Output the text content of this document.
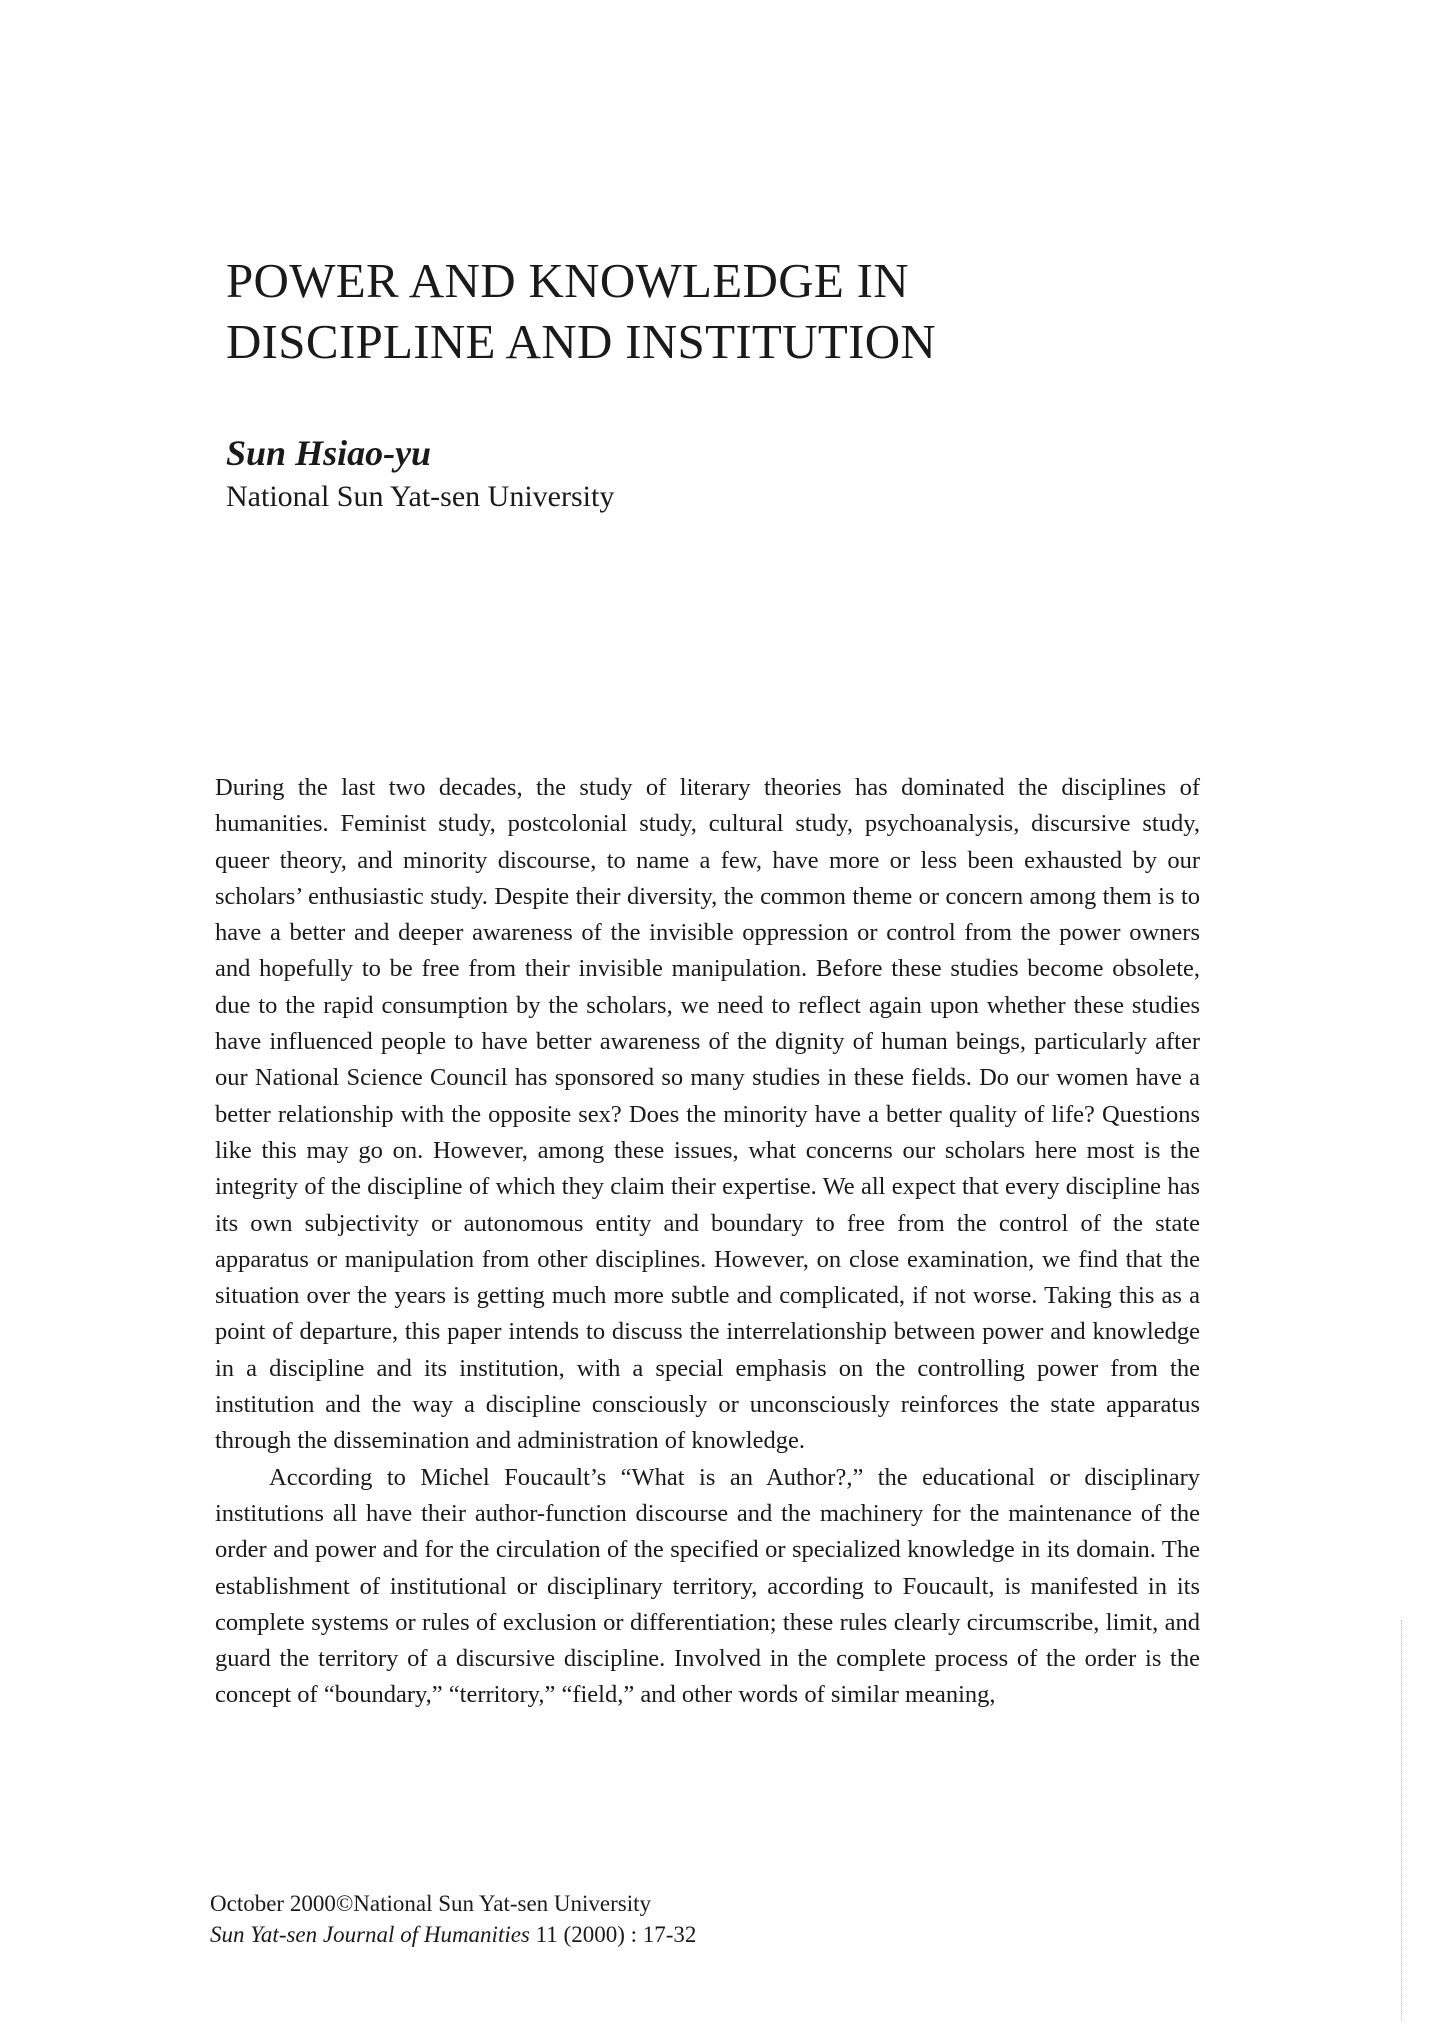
POWER AND KNOWLEDGE IN
DISCIPLINE AND INSTITUTION
Sun Hsiao-yu
National Sun Yat-sen University

During the last two decades, the study of literary theories has dominated the disciplines of humanities. Feminist study, postcolonial study, cultural study, psychoanalysis, discursive study, queer theory, and minority discourse, to name a few, have more or less been exhausted by our scholars’ enthusiastic study. Despite their diversity, the common theme or concern among them is to have a better and deeper awareness of the invisible oppression or control from the power owners and hopefully to be free from their invisible manipulation. Before these studies become obsolete, due to the rapid consumption by the scholars, we need to reflect again upon whether these studies have influenced people to have better awareness of the dignity of human beings, particularly after our National Science Council has sponsored so many studies in these fields. Do our women have a better relationship with the opposite sex? Does the minority have a better quality of life? Questions like this may go on. However, among these issues, what concerns our scholars here most is the integrity of the discipline of which they claim their expertise. We all expect that every discipline has its own subjectivity or autonomous entity and boundary to free from the control of the state apparatus or manipulation from other disciplines. However, on close examination, we find that the situation over the years is getting much more subtle and complicated, if not worse. Taking this as a point of departure, this paper intends to discuss the interrelationship between power and knowledge in a discipline and its institution, with a special emphasis on the controlling power from the institution and the way a discipline consciously or unconsciously reinforces the state apparatus through the dissemination and administration of knowledge.

According to Michel Foucault’s “What is an Author?,” the educational or disciplinary institutions all have their author-function discourse and the machinery for the maintenance of the order and power and for the circulation of the specified or specialized knowledge in its domain. The establishment of institutional or disciplinary territory, according to Foucault, is manifested in its complete systems or rules of exclusion or differentiation; these rules clearly circumscribe, limit, and guard the territory of a discursive discipline. Involved in the complete process of the order is the concept of “boundary,” “territory,” “field,” and other words of similar meaning,

October 2000©National Sun Yat-sen University
Sun Yat-sen Journal of Humanities 11 (2000) : 17-32
